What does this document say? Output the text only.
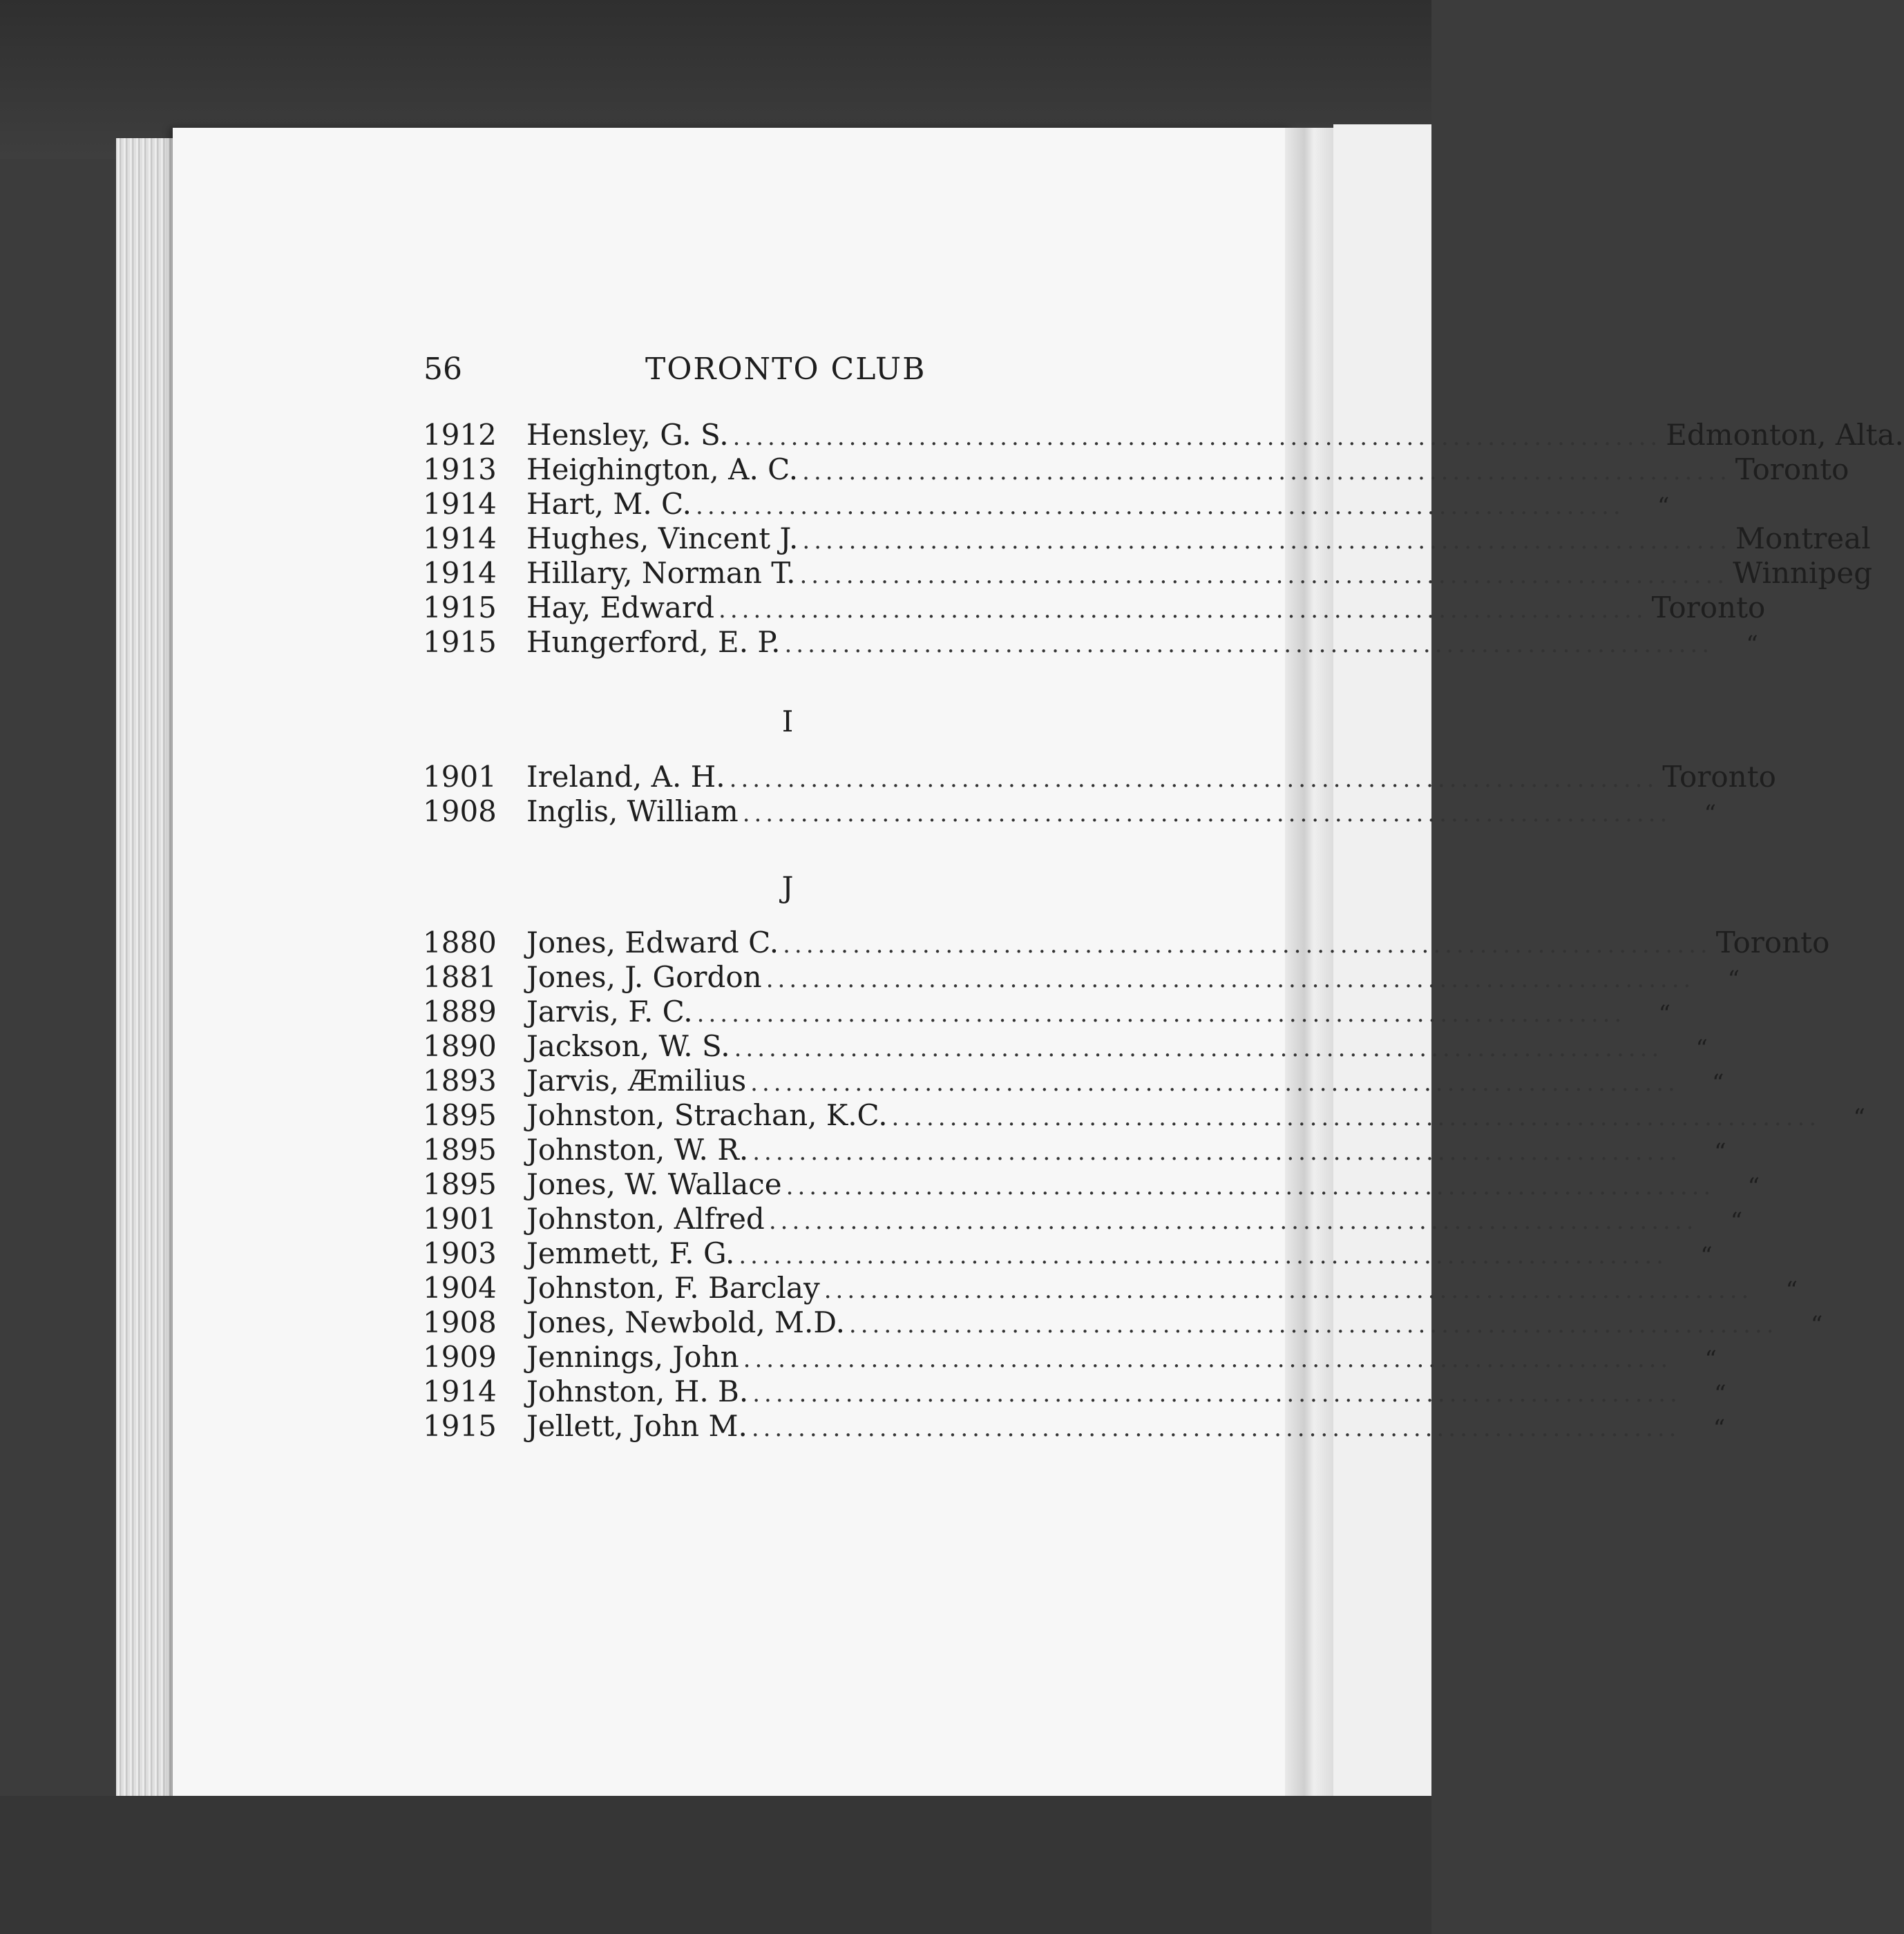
56	TORONTO CLUB
1912	Hensley, G. S. ................................................................................ Edmonton, Alta.
1913	Heighington, A. C. ................................................................................ Toronto
1914	Hart, M. C. ................................................................................	“
1914	Hughes, Vincent J. ................................................................................ Montreal
1914	Hillary, Norman T. ................................................................................ Winnipeg
1915	Hay, Edward ................................................................................ Toronto
1915	Hungerford, E. P. ................................................................................	“
I
1901	Ireland, A. H. ................................................................................ Toronto
1908	Inglis, William ................................................................................	“
J
1880	Jones, Edward C. ................................................................................ Toronto
1881	Jones, J. Gordon ................................................................................	“
1889	Jarvis, F. C. ................................................................................	“
1890	Jackson, W. S. ................................................................................	“
1893	Jarvis, Æmilius ................................................................................	“
1895	Johnston, Strachan, K.C. ................................................................................	“
1895	Johnston, W. R. ................................................................................	“
1895	Jones, W. Wallace ................................................................................	“
1901	Johnston, Alfred ................................................................................	“
1903	Jemmett, F. G. ................................................................................	“
1904	Johnston, F. Barclay ................................................................................	“
1908	Jones, Newbold, M.D. ................................................................................	“
1909	Jennings, John ................................................................................	“
1914	Johnston, H. B. ................................................................................	“
1915	Jellett, John M. ................................................................................	“
